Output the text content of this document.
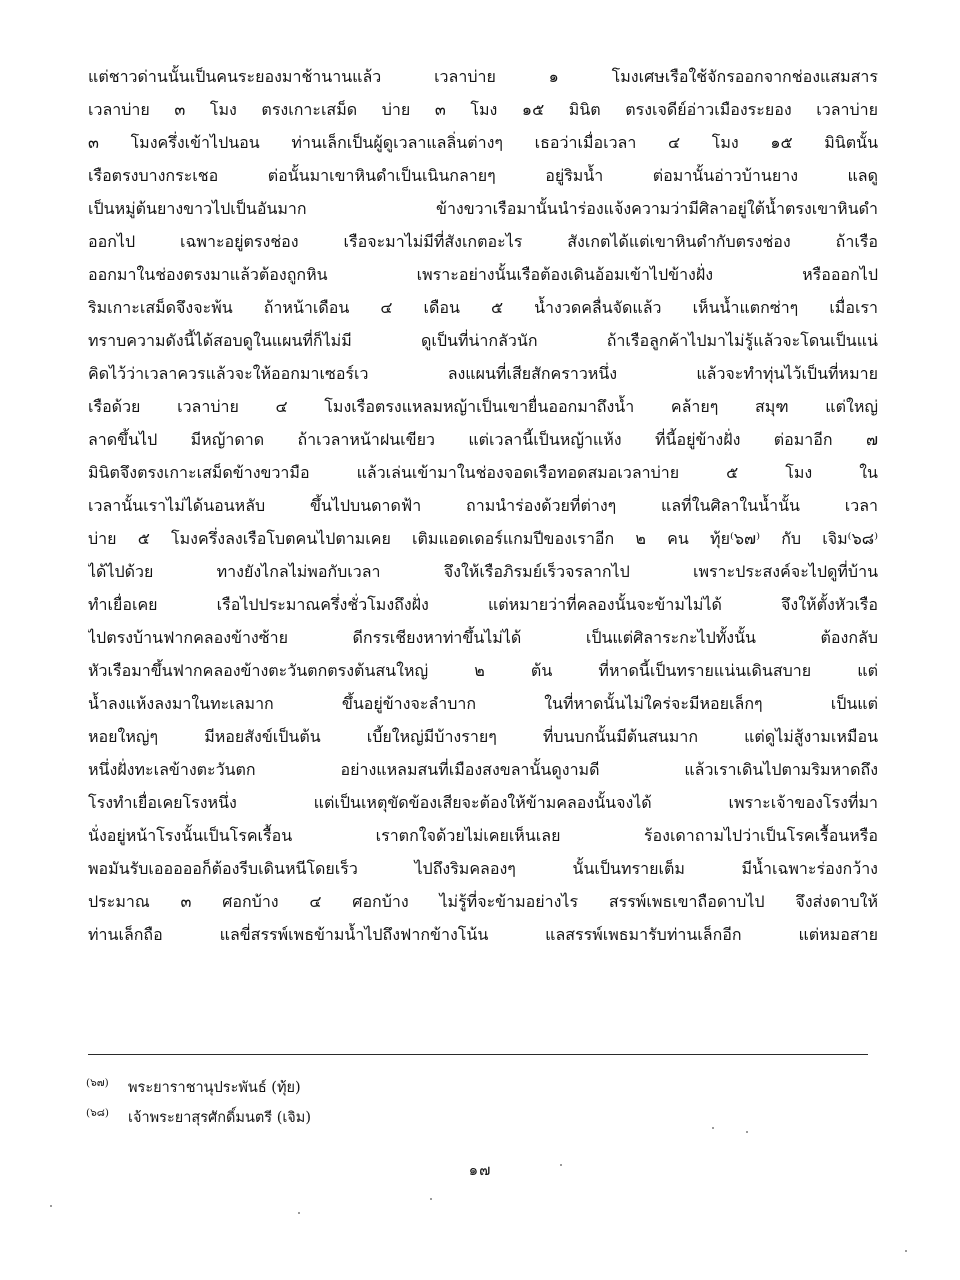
แต่ชาวด่านนั้นเป็นคนระยองมาช้านานแล้ว เวลาบ่าย ๑ โมงเศษเรือใช้จักรออกจากช่องแสมสาร
เวลาบ่าย ๓ โมง ตรงเกาะเสม็ด บ่าย ๓ โมง ๑๕ มินิต ตรงเจดีย์อ่าวเมืองระยอง เวลาบ่าย
๓ โมงครึ่งเข้าไปนอน ท่านเล็กเป็นผู้ดูเวลาแลลิ่นต่างๆ เธอว่าเมื่อเวลา ๔ โมง ๑๕ มินิตนั้น
เรือตรงบางกระเชอ ต่อนั้นมาเขาหินดำเป็นเนินกลายๆ อยู่ริมน้ำ ต่อมานั้นอ่าวบ้านยาง แลดู
เป็นหมู่ต้นยางขาวไปเป็นอันมาก ข้างขวาเรือมานั้นนำร่องแจ้งความว่ามีศิลาอยู่ใต้น้ำตรงเขาหินดำ
ออกไป เฉพาะอยู่ตรงช่อง เรือจะมาไม่มีที่สังเกตอะไร สังเกตได้แต่เขาหินดำกับตรงช่อง ถ้าเรือ
ออกมาในช่องตรงมาแล้วต้องถูกหิน เพราะอย่างนั้นเรือต้องเดินอ้อมเข้าไปข้างฝั่ง หรือออกไป
ริมเกาะเสม็ดจึงจะพ้น ถ้าหน้าเดือน ๔ เดือน ๕ น้ำงวดคลื่นจัดแล้ว เห็นน้ำแตกซ่าๆ เมื่อเรา
ทราบความดังนี้ได้สอบดูในแผนที่ก็ไม่มี ดูเป็นที่น่ากลัวนัก ถ้าเรือลูกค้าไปมาไม่รู้แล้วจะโดนเป็นแน่
คิดไว้ว่าเวลาควรแล้วจะให้ออกมาเซอร์เว ลงแผนที่เสียสักคราวหนึ่ง แล้วจะทำทุ่นไว้เป็นที่หมาย
เรือด้วย เวลาบ่าย ๔ โมงเรือตรงแหลมหญ้าเป็นเขายื่นออกมาถึงน้ำ คล้ายๆ สมุฑ แต่ใหญ่
ลาดขึ้นไป มีหญ้าดาด ถ้าเวลาหน้าฝนเขียว แต่เวลานี้เป็นหญ้าแห้ง ที่นี้อยู่ข้างฝั่ง ต่อมาอีก ๗
มินิตจึงตรงเกาะเสม็ดข้างขวามือ แล้วเล่นเข้ามาในช่องจอดเรือทอดสมอเวลาบ่าย ๕ โมง ใน
เวลานั้นเราไม่ได้นอนหลับ ขึ้นไปบนดาดฟ้า ถามนำร่องด้วยที่ต่างๆ แลที่ในศิลาในน้ำนั้น เวลา
บ่าย ๕ โมงครึ่งลงเรือโบตคนไปตามเคย เติมแอดเดอร์แกมปีของเราอีก ๒ คน ทุ้ย⁽๖๗⁾ กับ เจิม⁽๖๘⁾
ได้ไปด้วย ทางยังไกลไม่พอกับเวลา จึงให้เรือภิรมย์เร็วจรลากไป เพราะประสงค์จะไปดูที่บ้าน
ทำเยื่อเคย เรือไปประมาณครึ่งชั่วโมงถึงฝั่ง แต่หมายว่าที่คลองนั้นจะข้ามไม่ได้ จึงให้ตั้งหัวเรือ
ไปตรงบ้านฟากคลองข้างซ้าย ดีกรรเชียงหาท่าขึ้นไม่ได้ เป็นแต่ศิลาระกะไปทั้งนั้น ต้องกลับ
หัวเรือมาขึ้นฟากคลองข้างตะวันตกตรงต้นสนใหญ่ ๒ ต้น ที่หาดนี้เป็นทรายแน่นเดินสบาย แต่
น้ำลงแห้งลงมาในทะเลมาก ขึ้นอยู่ข้างจะลำบาก ในที่หาดนั้นไม่ใคร่จะมีหอยเล็กๆ เป็นแต่
หอยใหญ่ๆ มีหอยสังข์เป็นต้น เบี้ยใหญ่มีบ้างรายๆ ที่บนบกนั้นมีต้นสนมาก แต่ดูไม่สู้งามเหมือน
หนึ่งฝั่งทะเลข้างตะวันตก อย่างแหลมสนที่เมืองสงขลานั้นดูงามดี แล้วเราเดินไปตามริมหาดถึง
โรงทำเยื่อเคยโรงหนึ่ง แต่เป็นเหตุขัดข้องเสียจะต้องให้ข้ามคลองนั้นจงได้ เพราะเจ้าของโรงที่มา
นั่งอยู่หน้าโรงนั้นเป็นโรคเรื้อน เราตกใจด้วยไม่เคยเห็นเลย ร้องเดาถามไปว่าเป็นโรคเรื้อนหรือ
พอมันรับเอออออก็ต้องรีบเดินหนีโดยเร็ว ไปถึงริมคลองๆ นั้นเป็นทรายเต็ม มีน้ำเฉพาะร่องกว้าง
ประมาณ ๓ ศอกบ้าง ๔ ศอกบ้าง ไม่รู้ที่จะข้ามอย่างไร สรรพ์เพธเขาถือดาบไป จึงส่งดาบให้
ท่านเล็กถือ แลขี่สรรพ์เพธข้ามน้ำไปถึงฟากข้างโน้น แลสรรพ์เพธมารับท่านเล็กอีก แต่หมอสาย
(๖๗) พระยาราชานุประพันธ์ (ทุ้ย)
(๖๘) เจ้าพระยาสุรศักดิ์มนตรี (เจิม)
๑๗
